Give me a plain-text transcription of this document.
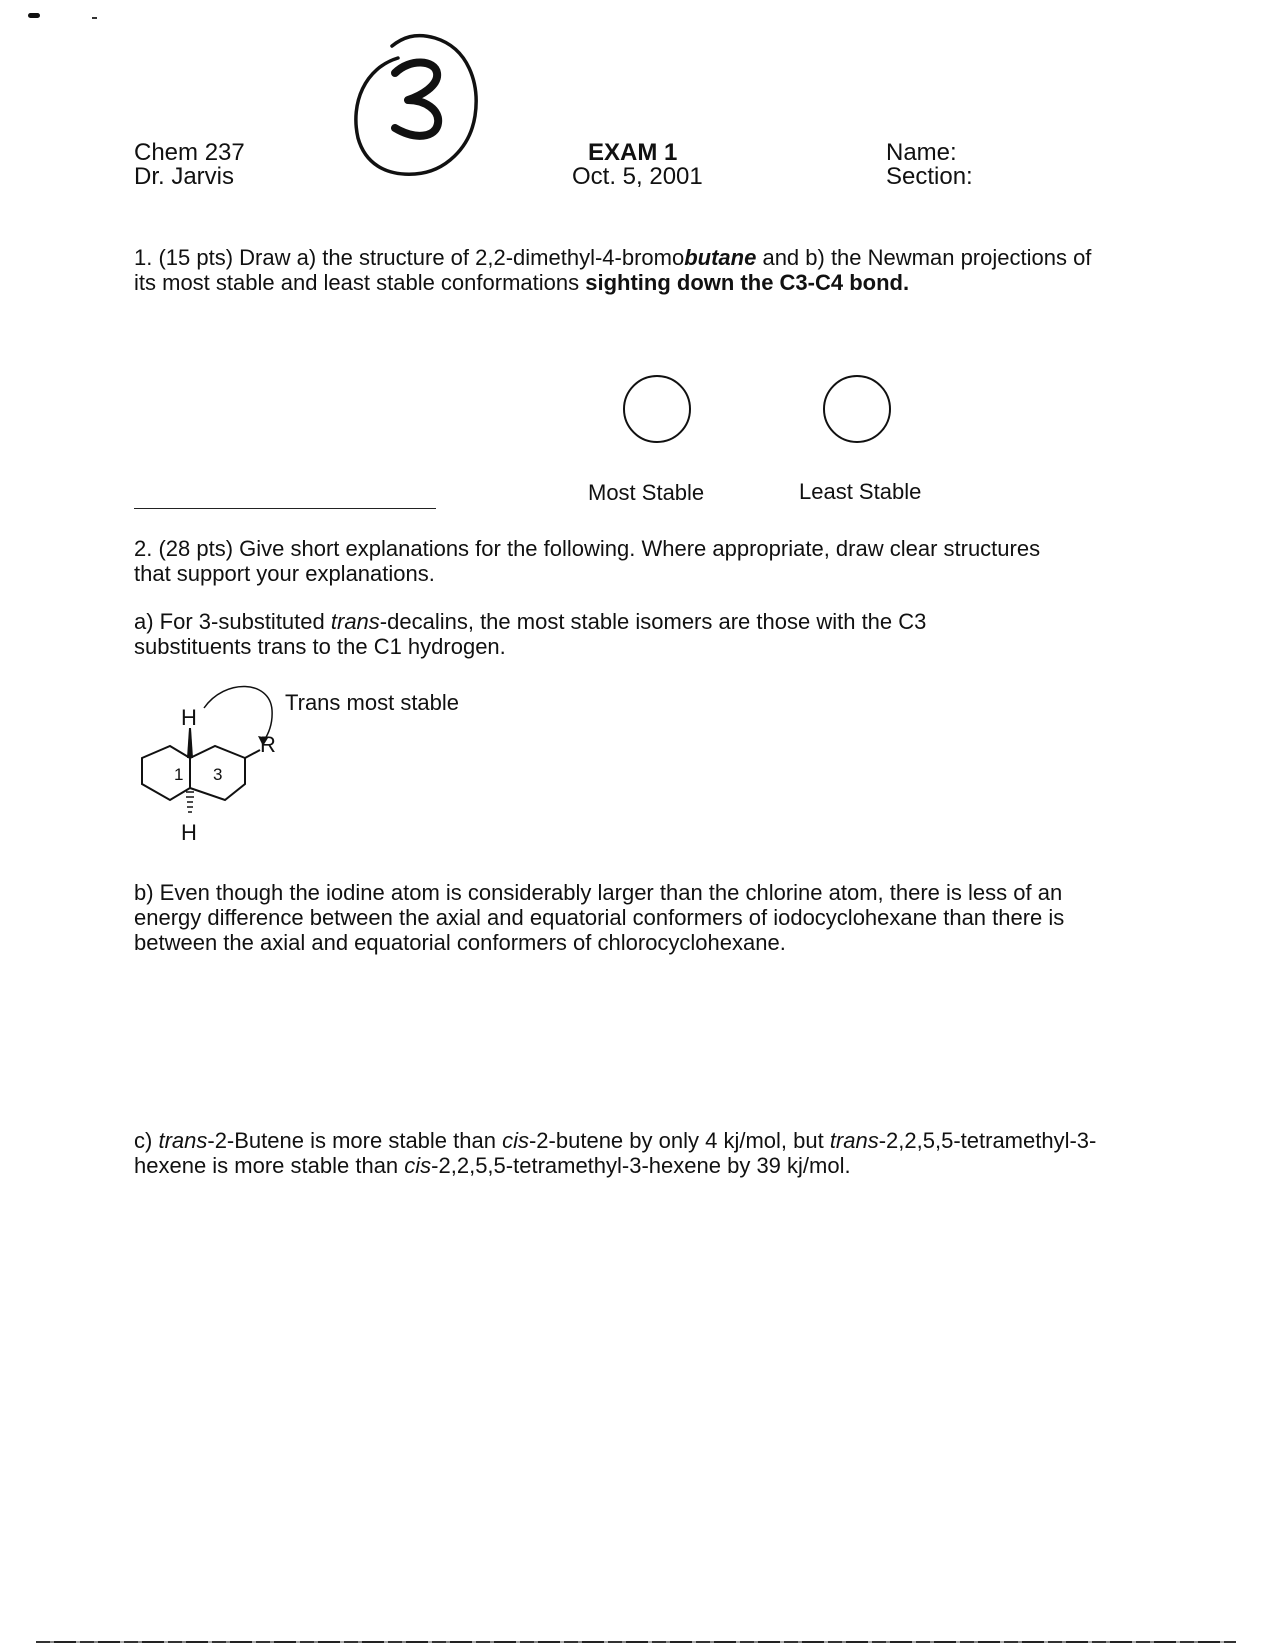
3
Chem 237
Dr. Jarvis
EXAM 1
Oct. 5, 2001
Name:
Section:
1. (15 pts) Draw a) the structure of 2,2-dimethyl-4-bromobutane and b) the Newman projections of its most stable and least stable conformations sighting down the C3-C4 bond.
Most Stable	Least Stable
2. (28 pts) Give short explanations for the following. Where appropriate, draw clear structures that support your explanations.
a) For 3-substituted trans-decalins, the most stable isomers are those with the C3 substituents trans to the C1 hydrogen.
H
H
R
1 3
Trans most stable
b) Even though the iodine atom is considerably larger than the chlorine atom, there is less of an energy difference between the axial and equatorial conformers of iodocyclohexane than there is between the axial and equatorial conformers of chlorocyclohexane.
c) trans-2-Butene is more stable than cis-2-butene by only 4 kj/mol, but trans-2,2,5,5-tetramethyl-3-hexene is more stable than cis-2,2,5,5-tetramethyl-3-hexene by 39 kj/mol.
